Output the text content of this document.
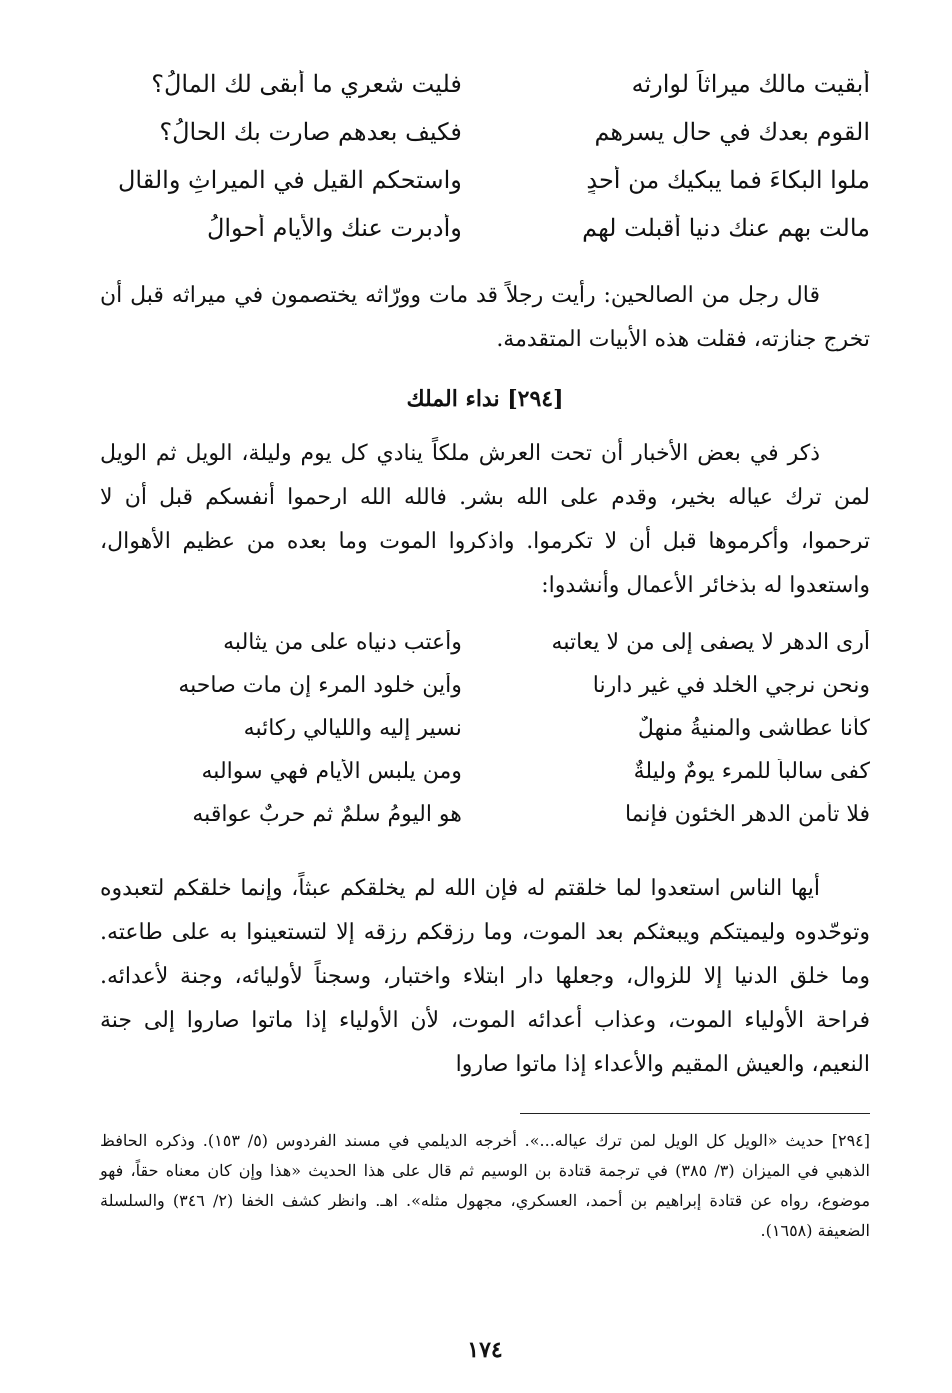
أبقيت مالك ميراثاً لوارثه
فليت شعري ما أبقى لك المالُ؟
القوم بعدك في حالٍ يسرهم
فكيف بعدهم صارت بك الحالُ؟
ملوا البكاءَ فما يبكيك من أحدٍ
واستحكم القيل في الميراثِ والقال
مالت بهم عنك دنيا أقبلت لهم
وأدبرت عنك والأيام أحوالُ

قال رجل من الصالحين: رأيت رجلاً قد مات وورّاثه يختصمون في ميراثه قبل أن تخرج جنازته، فقلت هذه الأبيات المتقدمة.

[٢٩٤] نداء الملك

ذكر في بعض الأخبار أن تحت العرش ملكاً ينادي كل يوم وليلة، الويل ثم الويل لمن ترك عياله بخير، وقدم على الله بشر. فالله الله ارحموا أنفسكم قبل أن لا ترحموا، وأكرموها قبل أن لا تكرموا. واذكروا الموت وما بعده من عظيم الأهوال، واستعدوا له بذخائر الأعمال وأنشدوا:

أرى الدهر لا يصفى إلى من لا يعاتبه
وأعتب دنياه على من يثالبه
ونحن نرجي الخلد في غير دارنا
وأين خلود المرء إن مات صاحبه
كأنا عطاشى والمنيةُ منهلٌ
نسير إليه والليالي ركائبه
كفى سالباً للمرء يومٌ وليلةٌ
ومن يلبس الأيام فهي سوالبه
فلا تأمن الدهر الخئون فإنما
هو اليومُ سلمٌ ثم حربٌ عواقبه

أيها الناس استعدوا لما خلقتم له فإن الله لم يخلقكم عبثاً، وإنما خلقكم لتعبدوه وتوحّدوه وليميتكم ويبعثكم بعد الموت، وما رزقكم رزقه إلا لتستعينوا به على طاعته. وما خلق الدنيا إلا للزوال، وجعلها دار ابتلاء واختبار، وسجناً لأوليائه، وجنة لأعدائه. فراحة الأولياء الموت، وعذاب أعدائه الموت، لأن الأولياء إذا ماتوا صاروا إلى جنة النعيم، والعيش المقيم والأعداء إذا ماتوا صاروا

[٢٩٤] حديث «الويل كل الويل لمن ترك عياله...». أخرجه الديلمي في مسند الفردوس (٥/ ١٥٣). وذكره الحافظ الذهبي في الميزان (٣/ ٣٨٥) في ترجمة قتادة بن الوسيم ثم قال على هذا الحديث «هذا وإن كان معناه حقاً، فهو موضوع، رواه عن قتادة إبراهيم بن أحمد، العسكري، مجهول مثله». اهـ. وانظر كشف الخفا (٢/ ٣٤٦) والسلسلة الضعيفة (١٦٥٨).

١٧٤
